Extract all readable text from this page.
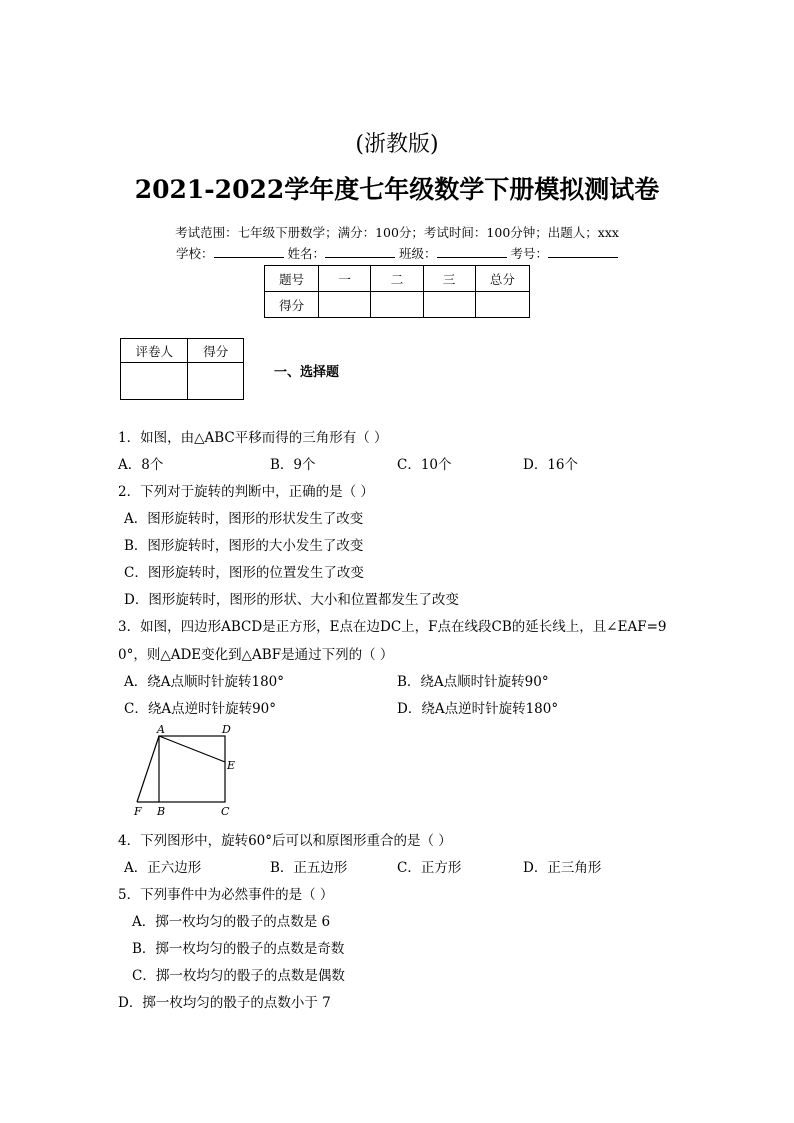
(浙教版)
2021-2022学年度七年级数学下册模拟测试卷
考试范围：七年级下册数学；满分：100分；考试时间：100分钟；出题人；xxx
学校：	姓名：	班级：	考号：
题号	一	二	三	总分
得分				
评卷人	得分

一、选择题
1．如图，由△ABC平移而得的三角形有（ ）
A．8个	B．9个	C．10个	D．16个
2．下列对于旋转的判断中，正确的是（ ）
A．图形旋转时，图形的形状发生了改变
B．图形旋转时，图形的大小发生了改变
C．图形旋转时，图形的位置发生了改变
D．图形旋转时，图形的形状、大小和位置都发生了改变
3．如图，四边形ABCD是正方形，E点在边DC上，F点在线段CB的延长线上，且∠EAF=9
0°，则△ADE变化到△ABF是通过下列的（ ）
A．绕A点顺时针旋转180°	B．绕A点顺时针旋转90°
C．绕A点逆时针旋转90°	D．绕A点逆时针旋转180°
A	D
E
F B	C
4．下列图形中，旋转60°后可以和原图形重合的是（ ）
A．正六边形	B．正五边形	C．正方形	D．正三角形
5．下列事件中为必然事件的是（ ）
A．掷一枚均匀的骰子的点数是 6
B．掷一枚均匀的骰子的点数是奇数
C．掷一枚均匀的骰子的点数是偶数
D．掷一枚均匀的骰子的点数小于 7
